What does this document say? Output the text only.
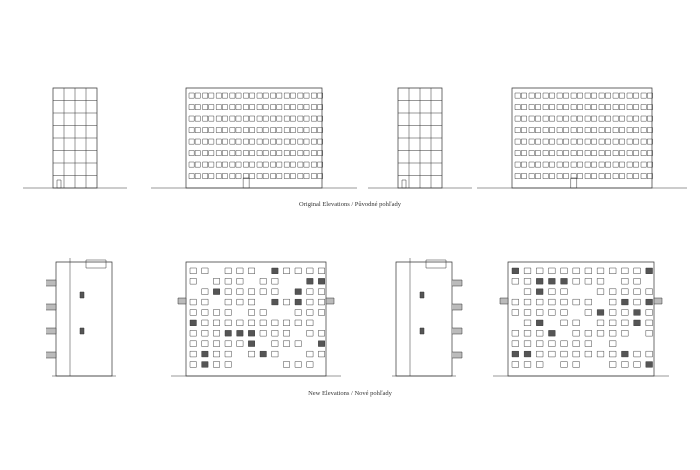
Original Elevations / Původné pohľady
New Elevations / Nové pohľady
